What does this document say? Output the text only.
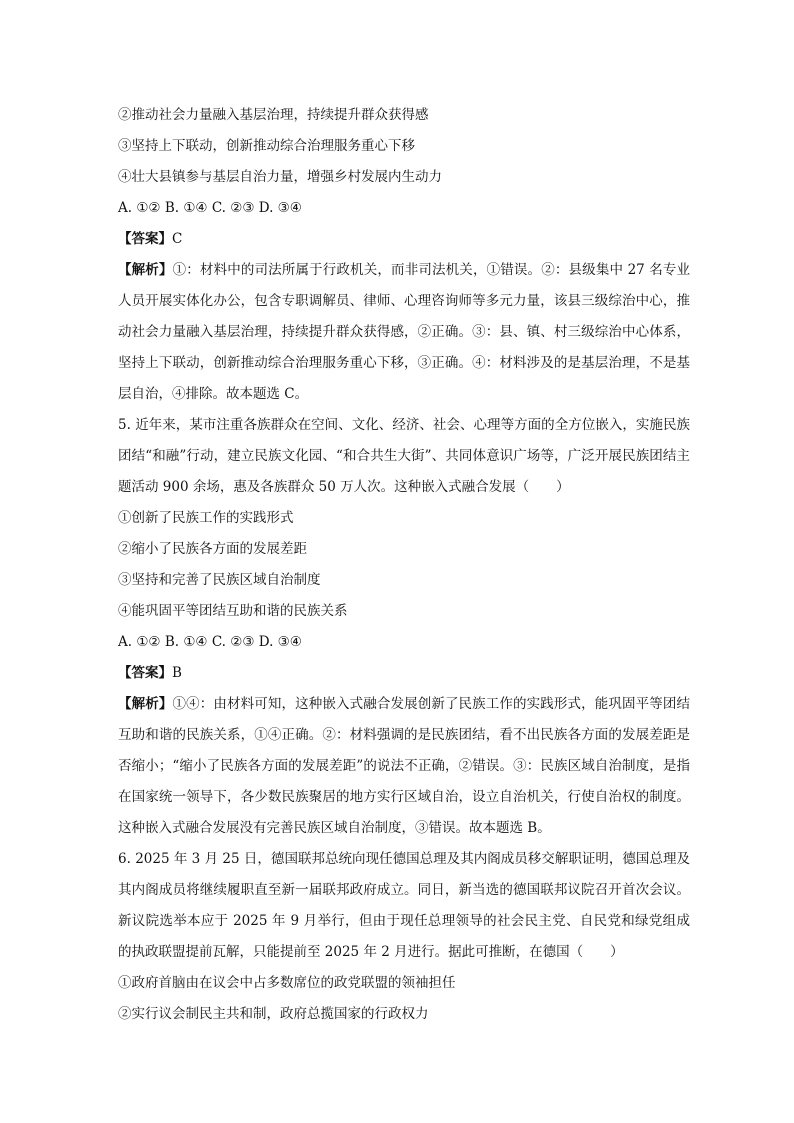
②推动社会力量融入基层治理，持续提升群众获得感
③坚持上下联动，创新推动综合治理服务重心下移
④壮大县镇参与基层自治力量，增强乡村发展内生动力
A. ①② B. ①④ C. ②③ D. ③④
【答案】C
【解析】①：材料中的司法所属于行政机关，而非司法机关，①错误。②：县级集中 27 名专业人员开展实体化办公，包含专职调解员、律师、心理咨询师等多元力量，该县三级综治中心，推动社会力量融入基层治理，持续提升群众获得感，②正确。③：县、镇、村三级综治中心体系，坚持上下联动，创新推动综合治理服务重心下移，③正确。④：材料涉及的是基层治理，不是基层自治，④排除。故本题选 C。
5. 近年来，某市注重各族群众在空间、文化、经济、社会、心理等方面的全方位嵌入，实施民族团结“和融”行动，建立民族文化园、“和合共生大街”、共同体意识广场等，广泛开展民族团结主题活动 900 余场，惠及各族群众 50 万人次。这种嵌入式融合发展（　　）
①创新了民族工作的实践形式
②缩小了民族各方面的发展差距
③坚持和完善了民族区域自治制度
④能巩固平等团结互助和谐的民族关系
A. ①② B. ①④ C. ②③ D. ③④
【答案】B
【解析】①④：由材料可知，这种嵌入式融合发展创新了民族工作的实践形式，能巩固平等团结互助和谐的民族关系，①④正确。②：材料强调的是民族团结，看不出民族各方面的发展差距是否缩小；“缩小了民族各方面的发展差距”的说法不正确，②错误。③：民族区域自治制度，是指在国家统一领导下，各少数民族聚居的地方实行区域自治，设立自治机关，行使自治权的制度。这种嵌入式融合发展没有完善民族区域自治制度，③错误。故本题选 B。
6. 2025 年 3 月 25 日，德国联邦总统向现任德国总理及其内阁成员移交解职证明，德国总理及其内阁成员将继续履职直至新一届联邦政府成立。同日，新当选的德国联邦议院召开首次会议。新议院选举本应于 2025 年 9 月举行，但由于现任总理领导的社会民主党、自民党和绿党组成的执政联盟提前瓦解，只能提前至 2025 年 2 月进行。据此可推断，在德国（　　）
①政府首脑由在议会中占多数席位的政党联盟的领袖担任
②实行议会制民主共和制，政府总揽国家的行政权力
